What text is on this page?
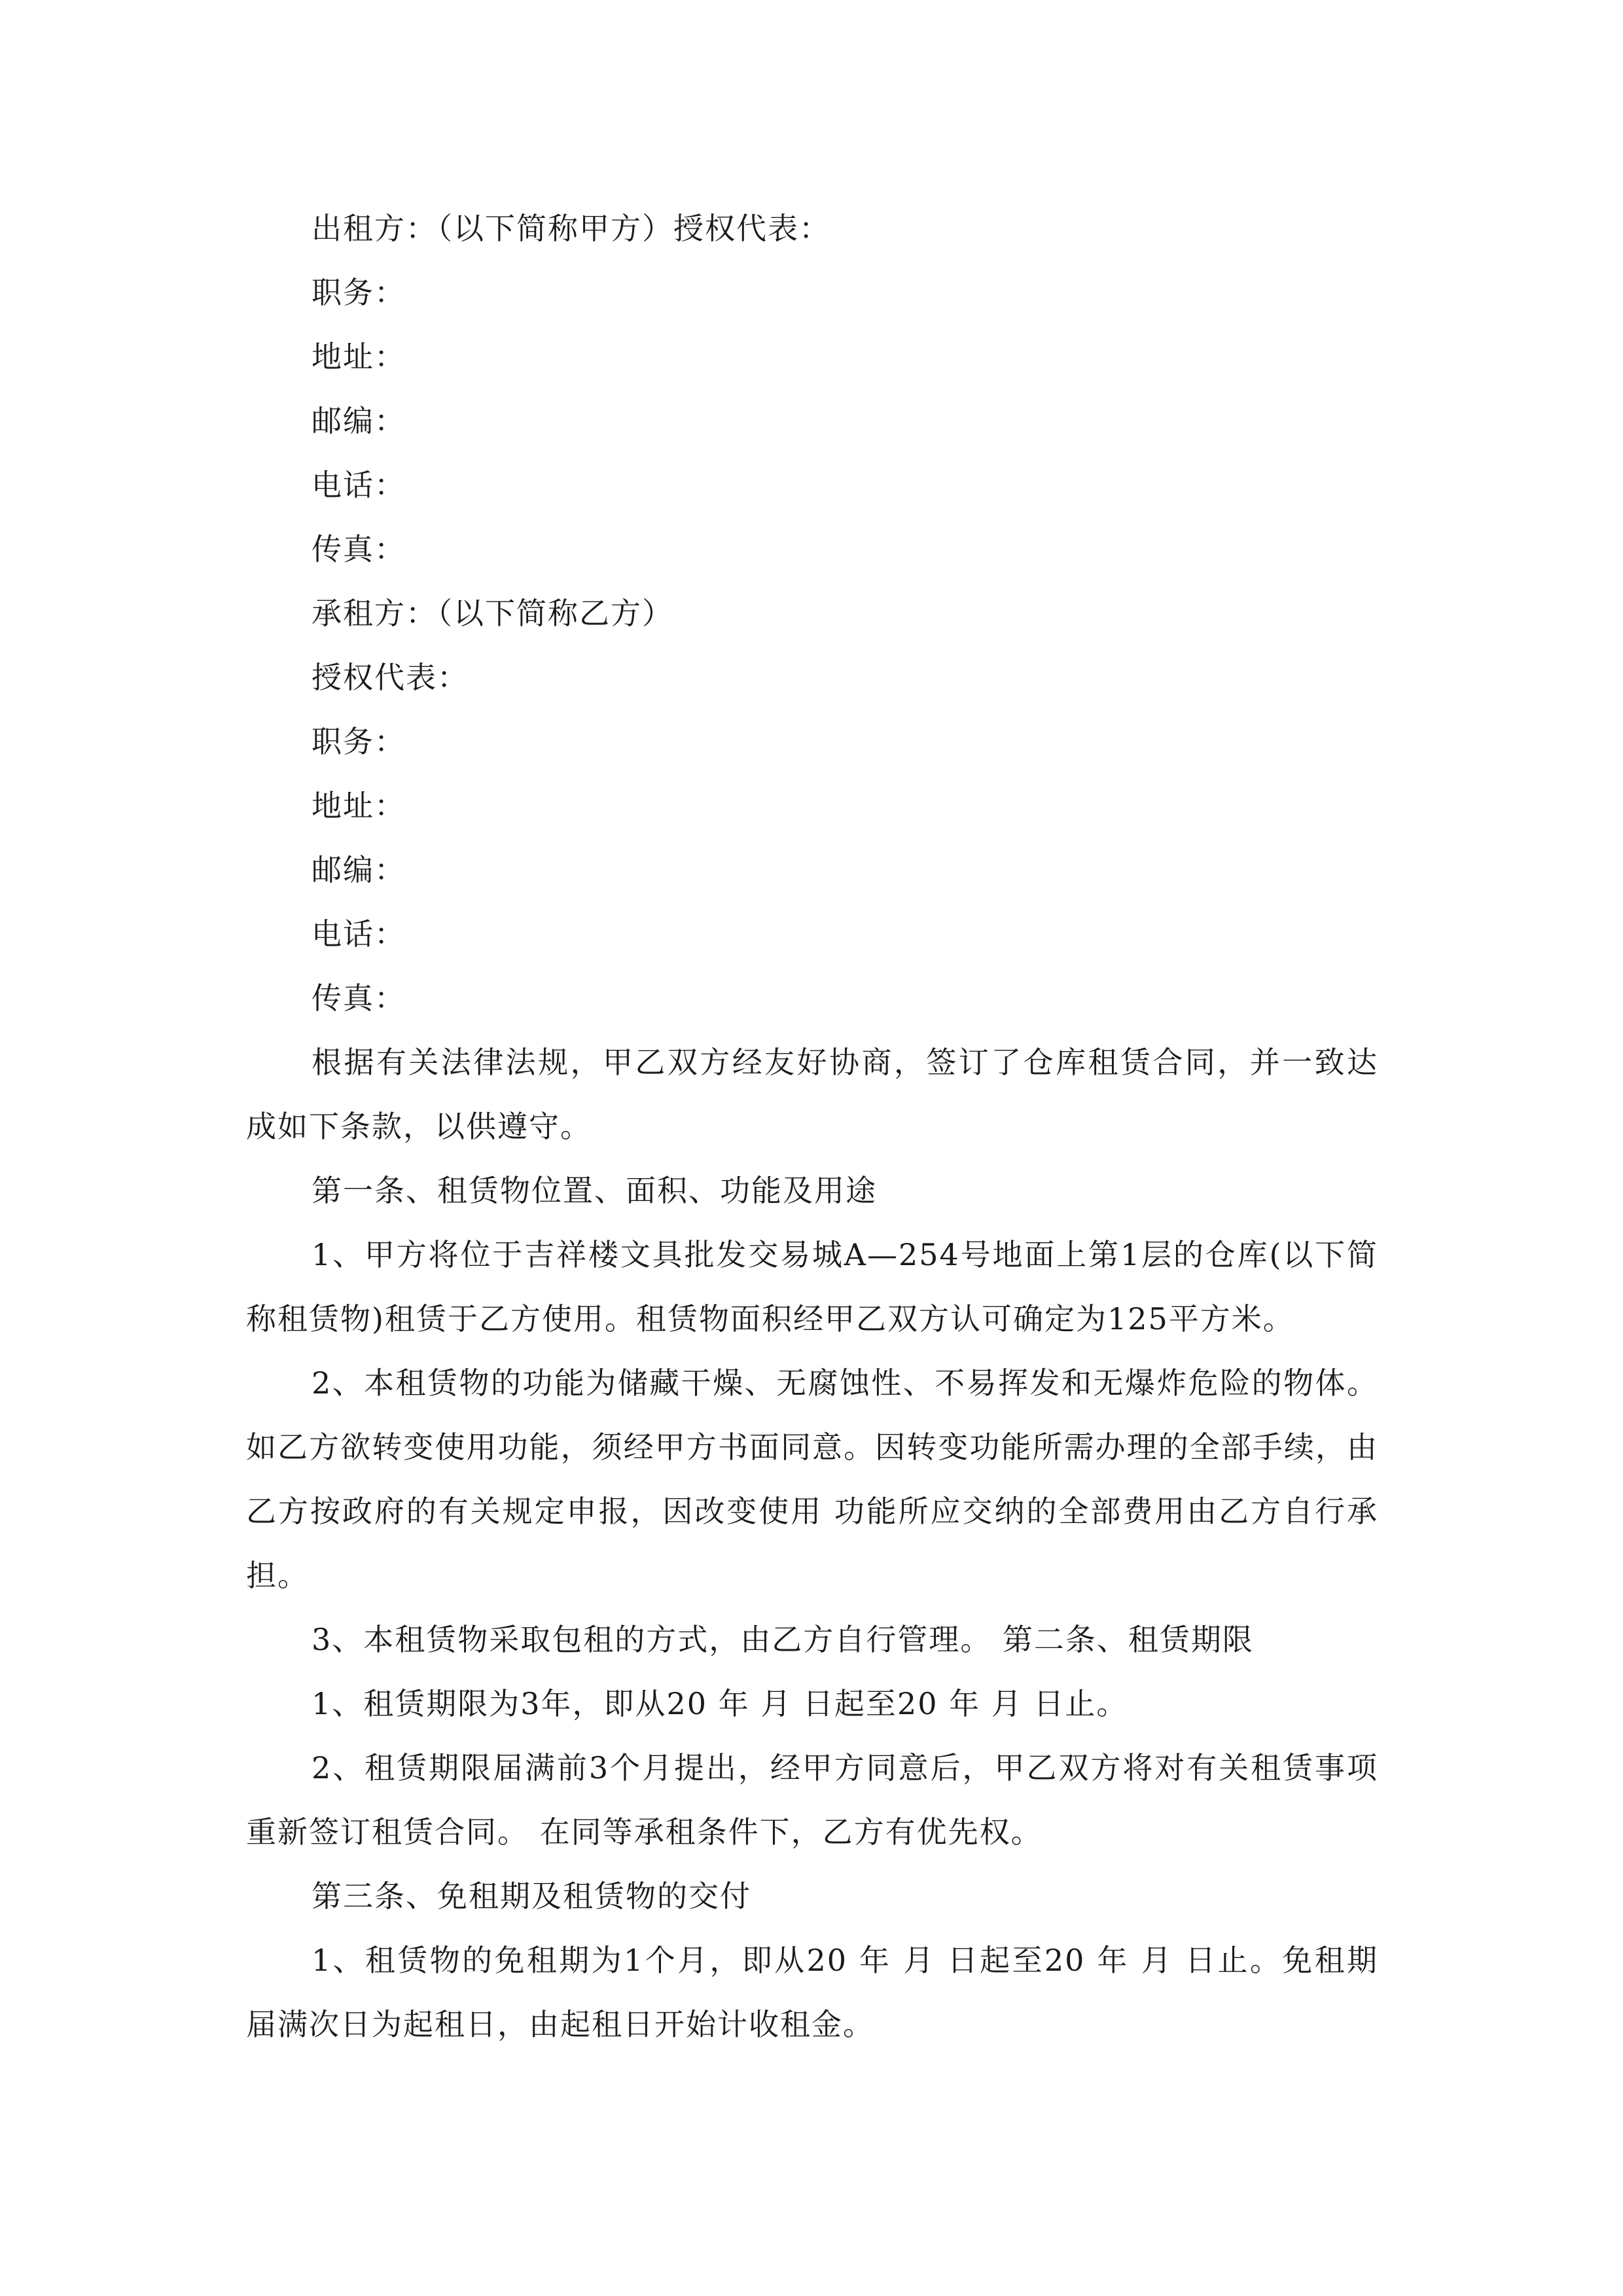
出租方：（以下简称甲方）授权代表：

职务：

地址：

邮编：

电话：

传真：

承租方：（以下简称乙方）

授权代表：

职务：

地址：

邮编：

电话：

传真：

根据有关法律法规，甲乙双方经友好协商，签订了仓库租赁合同，并一致达成如下条款，以供遵守。

第一条、租赁物位置、面积、功能及用途

1、甲方将位于吉祥楼文具批发交易城A—254号地面上第1层的仓库(以下简称租赁物)租赁于乙方使用。租赁物面积经甲乙双方认可确定为125平方米。

2、本租赁物的功能为储藏干燥、无腐蚀性、不易挥发和无爆炸危险的物体。如乙方欲转变使用功能，须经甲方书面同意。因转变功能所需办理的全部手续，由乙方按政府的有关规定申报，因改变使用 功能所应交纳的全部费用由乙方自行承担。

3、本租赁物采取包租的方式，由乙方自行管理。 第二条、租赁期限

1、租赁期限为3年，即从20 年 月 日起至20 年 月 日止。

2、租赁期限届满前3个月提出，经甲方同意后，甲乙双方将对有关租赁事项重新签订租赁合同。 在同等承租条件下，乙方有优先权。

第三条、免租期及租赁物的交付

1、租赁物的免租期为1个月，即从20 年 月 日起至20 年 月 日止。免租期届满次日为起租日，由起租日开始计收租金。
